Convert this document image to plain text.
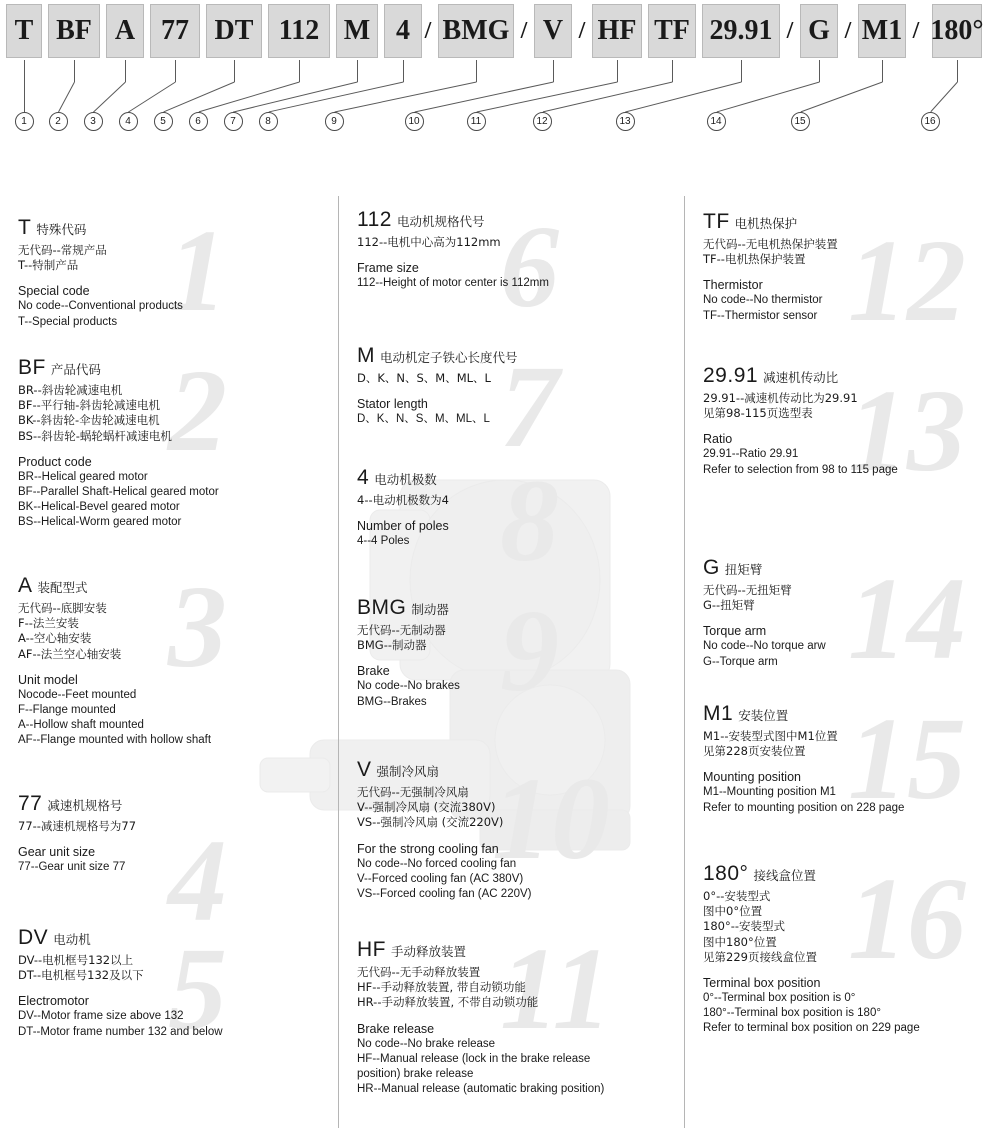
1
2
3
4
5
6
7
8
9
10
11
12
13
14
15
16
T BF A 77 DT 112 M 4	BMG	V	HF TF 29.91 G M1 180°
/	/ /	/ /	/
1	2	3	4	5	6	7	8	9	10	11	12	13	14	15	16
T特殊代码
无代码--常规产品
T--特制产品
Special code
No code--Conventional products
T--Special products
BF 产品代码
BR--斜齿轮减速电机
BF--平行轴-斜齿轮减速电机
BK--斜齿轮-伞齿轮减速电机
BS--斜齿轮-蜗轮蜗杆减速电机
Product code
BR--Helical geared motor
BF--Parallel Shaft-Helical geared motor
BK--Helical-Bevel geared motor
BS--Helical-Worm geared motor
A装配型式
无代码--底脚安装
F--法兰安装
A--空心轴安装
AF--法兰空心轴安装
Unit model
Nocode--Feet mounted
F--Flange mounted
A--Hollow shaft mounted
AF--Flange mounted with hollow shaft
77 减速机规格号
77--减速机规格号为77
Gear unit size
77--Gear unit size 77
DV 电动机
DV--电机框号132以上
DT--电机框号132及以下
Electromotor
DV--Motor frame size above 132
DT--Motor frame number 132 and below
112 电动机规格代号
112--电机中心高为112mm
Frame size
112--Height of motor center is 112mm
M电动机定子铁心长度代号
D、K、N、S、M、ML、L
Stator length
D、K、N、S、M、ML、L
4 电动机极数
4--电动机极数为4
Number of poles
4--4 Poles
BMG 制动器
无代码--无制动器
BMG--制动器
Brake
No code--No brakes
BMG--Brakes
V强制冷风扇
无代码--无强制冷风扇
V--强制冷风扇 (交流380V)
VS--强制冷风扇 (交流220V)
For the strong cooling fan
No code--No forced cooling fan
V--Forced cooling fan (AC 380V)
VS--Forced cooling fan (AC 220V)
HF 手动释放装置
无代码--无手动释放装置
HF--手动释放装置, 带自动锁功能
HR--手动释放装置, 不带自动锁功能
Brake release
No code--No brake release
HF--Manual release (lock in the brake release
position) brake release
HR--Manual release (automatic braking position)
TF 电机热保护
无代码--无电机热保护装置
TF--电机热保护装置
Thermistor
No code--No thermistor
TF--Thermistor sensor
29.91 减速机传动比
29.91--减速机传动比为29.91
见第98-115页选型表
Ratio
29.91--Ratio 29.91
Refer to selection from 98 to 115 page
G扭矩臂
无代码--无扭矩臂
G--扭矩臂
Torque arm
No code--No torque arw
G--Torque arm
M1 安装位置
M1--安装型式图中M1位置
见第228页安装位置
Mounting position
M1--Mounting position M1
Refer to mounting position on 228 page
180° 接线盒位置
0°--安装型式
图中0°位置
180°--安装型式
图中180°位置
见第229页接线盒位置
Terminal box position
0°--Terminal box position is 0°
180°--Terminal box position is 180°
Refer to terminal box position on 229 page
